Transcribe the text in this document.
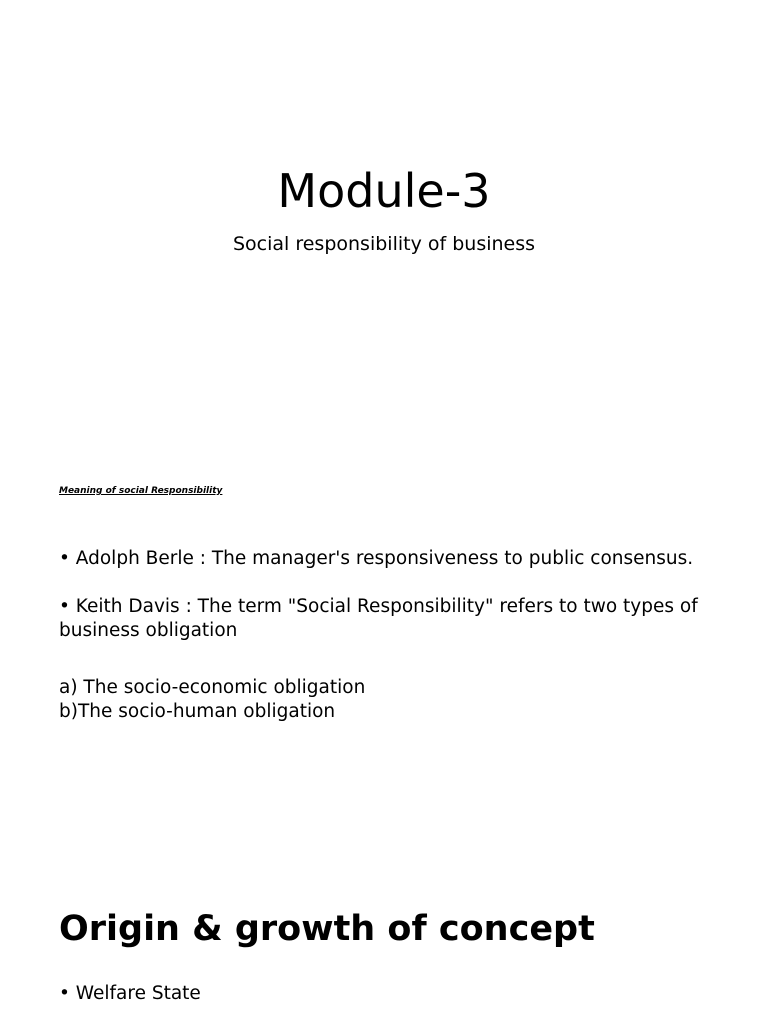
Module-3

Social responsibility of business

Meaning of social Responsibility

• Adolph Berle : The manager's responsiveness to public consensus.

• Keith Davis : The term "Social Responsibility" refers to two types of business obligation

a) The socio-economic obligation
b)The socio-human obligation
Origin & growth of concept

• Welfare State
